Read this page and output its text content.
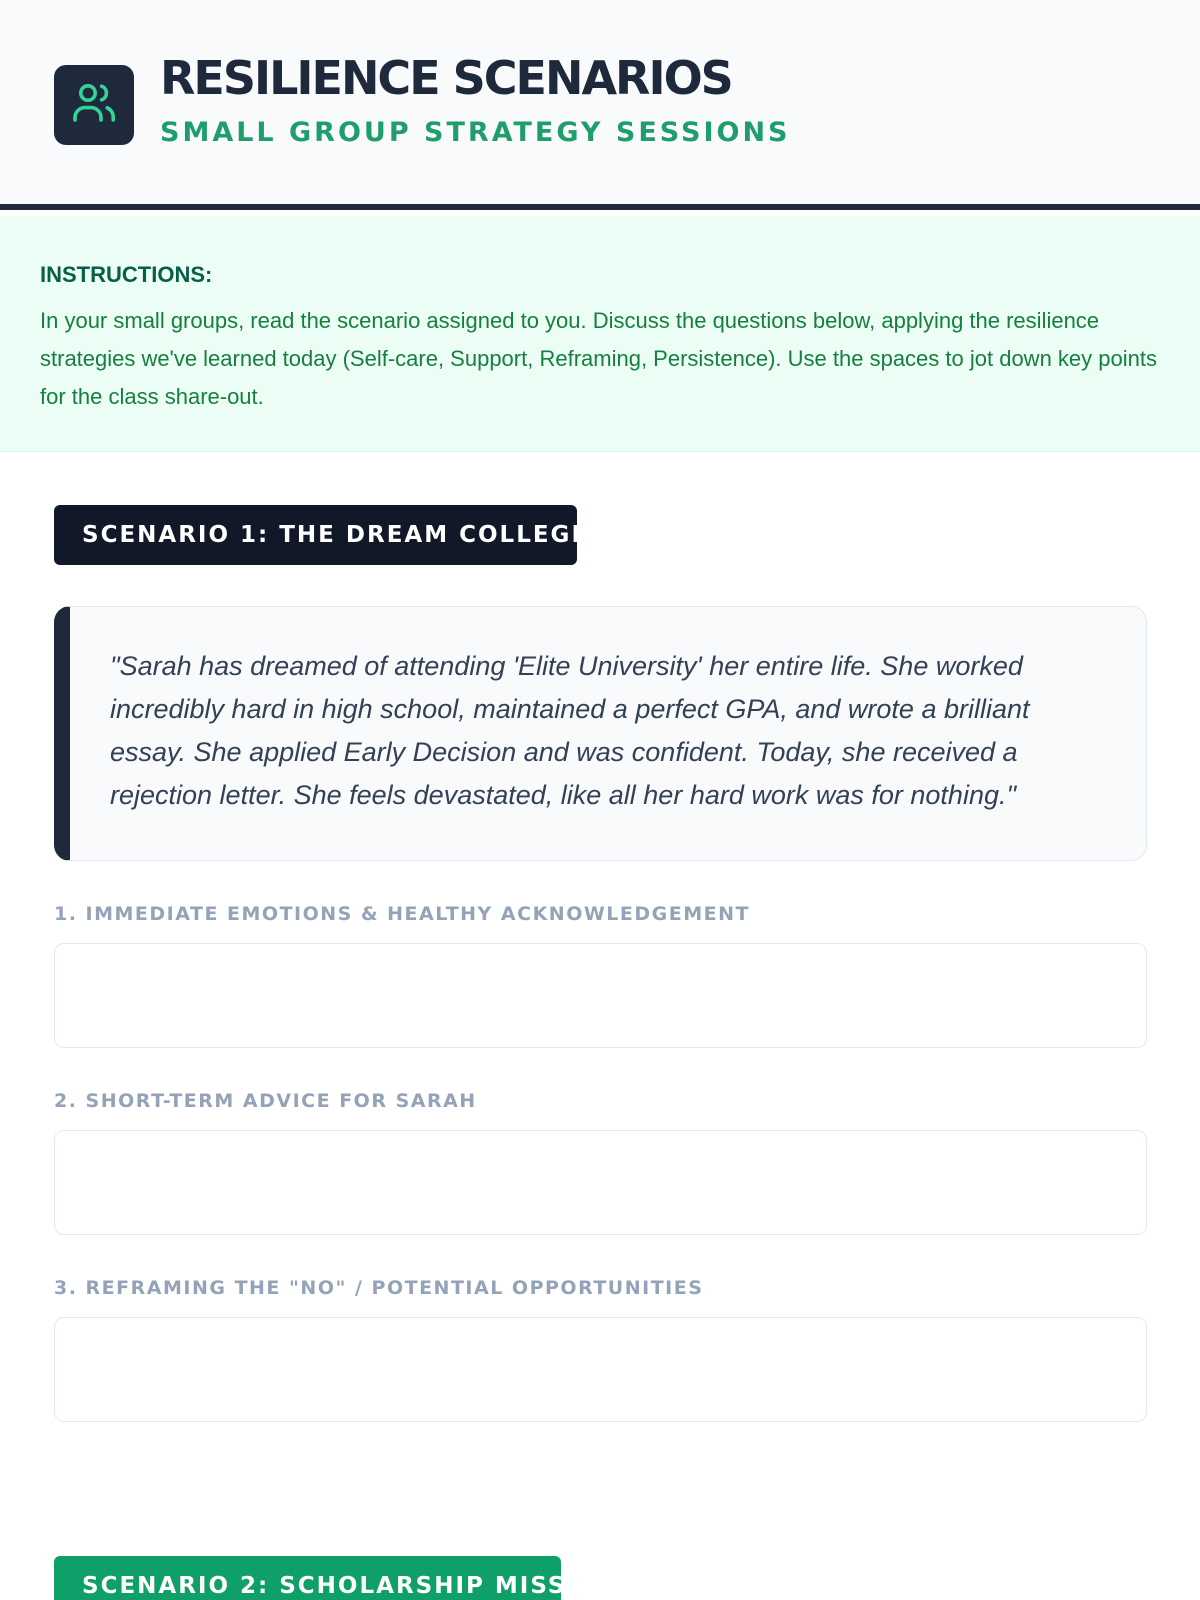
RESILIENCE SCENARIOS
SMALL GROUP STRATEGY SESSIONS
INSTRUCTIONS:

In your small groups, read the scenario assigned to you. Discuss the questions below, applying the resilience strategies we've learned today (Self-care, Support, Reframing, Persistence). Use the spaces to jot down key points for the class share-out.

SCENARIO 1: THE DREAM COLLEGE

"Sarah has dreamed of attending 'Elite University' her entire life. She worked incredibly hard in high school, maintained a perfect GPA, and wrote a brilliant essay. She applied Early Decision and was confident. Today, she received a rejection letter. She feels devastated, like all her hard work was for nothing."

1. IMMEDIATE EMOTIONS & HEALTHY ACKNOWLEDGEMENT
2. SHORT-TERM ADVICE FOR SARAH
3. REFRAMING THE "NO" / POTENTIAL OPPORTUNITIES
SCENARIO 2: SCHOLARSHIP MISS
